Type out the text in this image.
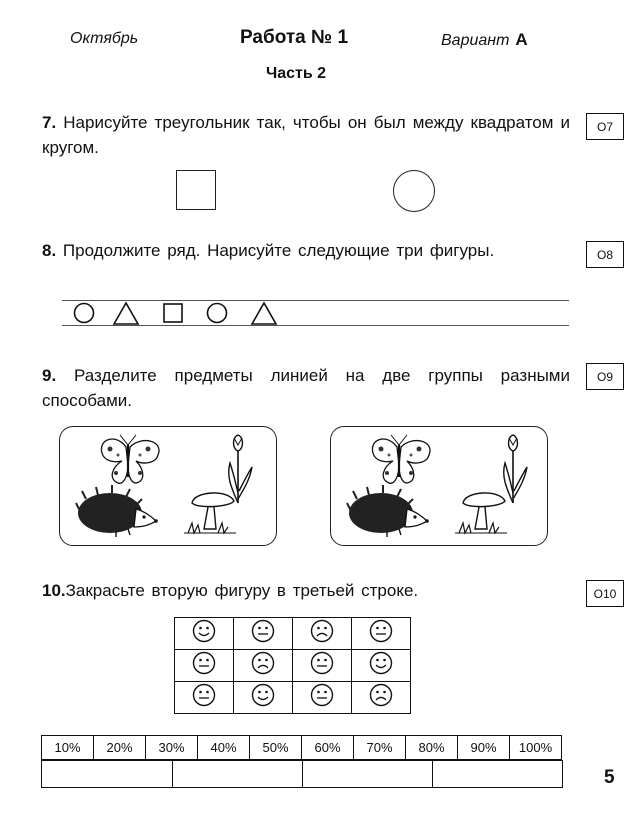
Октябрь	Работа № 1	Вариант А
Часть 2
7. Нарисуйте треугольник так, чтобы он был между квадратом и кругом.
О7
8. Продолжите ряд. Нарисуйте следующие три фигуры.	О8
9. Разделите предметы линией на две группы разными способами.
О9
10.Закрасьте вторую фигуру в третьей строке.	О10

10%	20%	30%	40%	50%	60%	70%	80%	90%	100%

5
